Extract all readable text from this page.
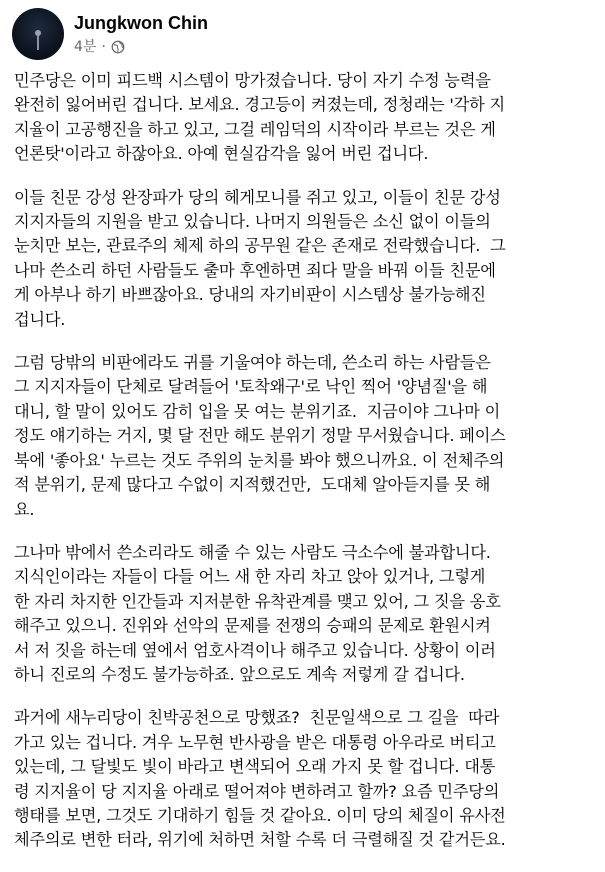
Jungkwon Chin
4분 ·

민주당은 이미 피드백 시스템이 망가졌습니다. 당이 자기 수정 능력을
완전히 잃어버린 겁니다. 보세요. 경고등이 켜졌는데, 정청래는 '각하 지
지율이 고공행진을 하고 있고, 그걸 레임덕의 시작이라 부르는 것은 게
언론탓'이라고 하잖아요. 아예 현실감각을 잃어 버린 겁니다.

이들 친문 강성 완장파가 당의 헤게모니를 쥐고 있고, 이들이 친문 강성
지지자들의 지원을 받고 있습니다. 나머지 의원들은 소신 없이 이들의
눈치만 보는, 관료주의 체제 하의 공무원 같은 존재로 전락했습니다.  그
나마 쓴소리 하던 사람들도 출마 후엔하면 죄다 말을 바꿔 이들 친문에
게 아부나 하기 바쁘잖아요. 당내의 자기비판이 시스템상 불가능해진
겁니다.

그럼 당밖의 비판에라도 귀를 기울여야 하는데, 쓴소리 하는 사람들은
그 지지자들이 단체로 달려들어 '토착왜구'로 낙인 찍어 '양념질'을 해
대니, 할 말이 있어도 감히 입을 못 여는 분위기죠.  지금이야 그나마 이
정도 얘기하는 거지, 몇 달 전만 해도 분위기 정말 무서웠습니다. 페이스
북에 '좋아요' 누르는 것도 주위의 눈치를 봐야 했으니까요. 이 전체주의
적 분위기, 문제 많다고 수없이 지적했건만,  도대체 알아듣지를 못 해
요.

그나마 밖에서 쓴소리라도 해줄 수 있는 사람도 극소수에 불과합니다.
지식인이라는 자들이 다들 어느 새 한 자리 차고 앉아 있거나, 그렇게
한 자리 차지한 인간들과 지저분한 유착관계를 맺고 있어, 그 짓을 옹호
해주고 있으니. 진위와 선악의 문제를 전쟁의 승패의 문제로 환원시켜
서 저 짓을 하는데 옆에서 엄호사격이나 해주고 있습니다. 상황이 이러
하니 진로의 수정도 불가능하죠. 앞으로도 계속 저렇게 갈 겁니다.

과거에 새누리당이 친박공천으로 망했죠?  친문일색으로 그 길을  따라
가고 있는 겁니다. 겨우 노무현 반사광을 받은 대통령 아우라로 버티고
있는데, 그 달빛도 빛이 바라고 변색되어 오래 가지 못 할 겁니다. 대통
령 지지율이 당 지지율 아래로 떨어져야 변하려고 할까? 요즘 민주당의
행태를 보면, 그것도 기대하기 힘들 것 같아요. 이미 당의 체질이 유사전
체주의로 변한 터라, 위기에 처하면 처할 수록 더 극렬해질 것 같거든요.
